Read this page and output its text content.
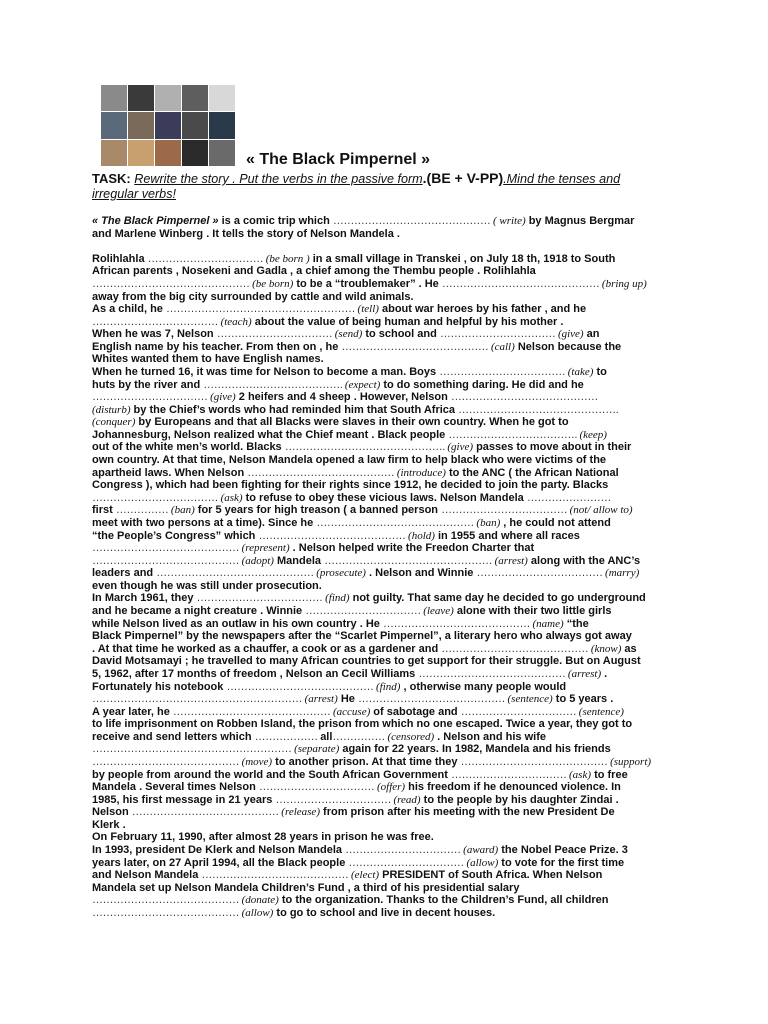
« The Black Pimpernel »
TASK: Rewrite the story . Put the verbs in the passive form.(BE + V-PP).Mind the tenses and irregular verbs!
« The Black Pimpernel » is a comic trip which ……………………………………… ( write) by Magnus Bergmar
and Marlene Winberg . It tells the story of Nelson Mandela .
Rolihlahla …………………………… (be born ) in a small village in Transkei , on July 18 th, 1918 to South
African parents , Nosekeni and Gadla , a chief among the Thembu people . Rolihlahla
……………………………………… (be born) to be a “troublemaker” . He ……………………………………… (bring up)
away from the big city surrounded by cattle and wild animals.
As a child, he ……………………………………………… (tell) about war heroes by his father , and he
……………………………… (teach) about the value of being human and helpful by his mother .
When he was 7, Nelson …………………………… (send) to school and …………………………… (give) an
English name by his teacher. From then on , he …………………………………… (call) Nelson because the
Whites wanted them to have English names.
When he turned 16, it was time for Nelson to become a man. Boys ……………………………… (take) to
huts by the river and …………………………………. (expect) to do something daring. He did and he
…………………………… (give) 2 heifers and 4 sheep . However, Nelson ……………………………………
(disturb) by the Chief’s words who had reminded him that South Africa ……………………………………….
(conquer) by Europeans and that all Blacks were slaves in their own country. When he got to
Johannesburg, Nelson realized what the Chief meant . Black people ………………………………. (keep)
out of the white men’s world. Blacks ………………………………………. (give) passes to move about in their
own country. At that time, Nelson Mandela opened a law firm to help black who were victims of the
apartheid laws. When Nelson …………………………………… (introduce) to the ANC ( the African National
Congress ), which had been fighting for their rights since 1912, he decided to join the party. Blacks
……………………………… (ask) to refuse to obey these vicious laws. Nelson Mandela ……………………
first …………… (ban) for 5 years for high treason ( a banned person ……………………………… (not/ allow to)
meet with two persons at a time). Since he ……………………………………… (ban) , he could not attend
“the People’s Congress” which …………………………………… (hold) in 1955 and where all races
…………………………………… (represent) . Nelson helped write the Freedon Charter that
…………………………………… (adopt) Mandela ………………………………………… (arrest) along with the ANC’s
leaders and ……………………………………… (prosecute) . Nelson and Winnie ……………………………… (marry)
even though he was still under prosecution.
In March 1961, they ……………………………… (find) not guilty. That same day he decided to go underground
and he became a night creature . Winnie …………………………… (leave) alone with their two little girls
while Nelson lived as an outlaw in his own country . He …………………………………… (name) “the
Black Pimpernel” by the newspapers after the “Scarlet Pimpernel”, a literary hero who always got away
. At that time he worked as a chauffer, a cook or as a gardener and …………………………………… (know) as
David Motsamayi ; he travelled to many African countries to get support for their struggle. But on August
5, 1962, after 17 months of freedom , Nelson an Cecil Williams …………………………………… (arrest) .
Fortunately his notebook …………………………………… (find) , otherwise many people would
…………………………………………………… (arrest) He …………………………………… (sentence) to 5 years .
A year later, he ……………………………………… (accuse) of sabotage and …………………………… (sentence)
to life imprisonment on Robben Island, the prison from which no one escaped. Twice a year, they got to
receive and send letters which ……………… all…………… (censored) . Nelson and his wife
………………………………………………… (separate) again for 22 years. In 1982, Mandela and his friends
…………………………………… (move) to another prison. At that time they …………………………………… (support)
by people from around the world and the South African Government …………………………… (ask) to free
Mandela . Several times Nelson …………………………… (offer) his freedom if he denounced violence. In
1985, his first message in 21 years …………………………… (read) to the people by his daughter Zindai .
Nelson …………………………………… (release) from prison after his meeting with the new President De
Klerk .
On February 11, 1990, after almost 28 years in prison he was free.
In 1993, president De Klerk and Nelson Mandela …………………………… (award) the Nobel Peace Prize. 3
years later, on 27 April 1994, all the Black people …………………………… (allow) to vote for the first time
and Nelson Mandela …………………………………… (elect) PRESIDENT of South Africa. When Nelson
Mandela set up Nelson Mandela Children’s Fund , a third of his presidential salary
…………………………………… (donate) to the organization. Thanks to the Children’s Fund, all children
…………………………………… (allow) to go to school and live in decent houses.
